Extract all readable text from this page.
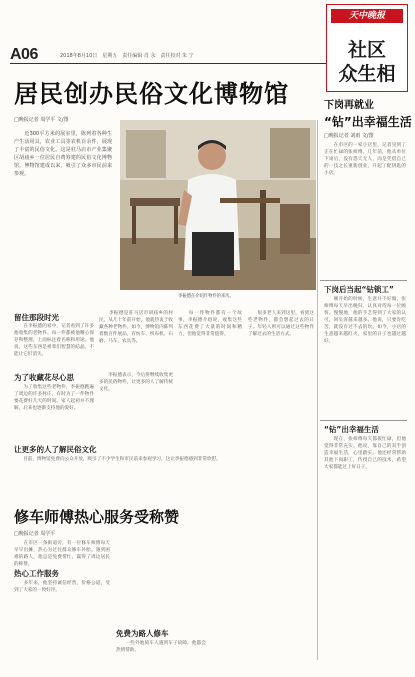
A06	2018年8月10日　星期五　责任编辑 肖 永　责任校对 朱 宁
天中晚报
社区
众生相
居民创办民俗文化博物馆
□晚报记者 周学平 文/图
　　近300平方米的展室里，陈列着各种生产生活用具，农业工具等农机百余件，展现了丰富的民俗文化。这是驻马店市产业集聚区胡庙乡一位居民自费筹建的民俗文化博物馆。博物馆建成以来，吸引了众多市民前来参观。
李振德在介绍什物件的来历。
留住那段时光
　　在李振德的家中，记者看到了许多他收集的老物件。每一件都被他精心保存和整理，上面标注着名称和用途。他说，这些东西是祖辈们智慧的结晶，不能让它们消失。
　　李振德是驻马店市胡庙乡的村民，从几十年前开始，他就热衷于收藏各种老物件。如今，博物馆内陈列着数百件展品，有纺车、织布机、石磨、马车、农具等。
　　每一件物件都有一个故事，李振德介绍说，收集这些东西花费了大量的时间和精力，但他觉得非常值得。
　　很多老人来到这里，看到这些老物件，都会想起过去的日子。年轻人则可以通过这些物件了解过去的生活方式。
为了收藏花尽心思
　　为了收集这些老物件，李振德跑遍了周边的许多村庄，有时为了一件物件要花费好几天的时间。家人起初并不理解，后来也逐渐支持他的爱好。
　　李振德表示，今后将继续收集更多的民俗物件，让更多的人了解传统文化。
让更多的人了解民俗文化
　　目前，博物馆免费向公众开放，吸引了不少学生和市民前来参观学习，这让李振德感到非常欣慰。
修车师傅热心服务受称赞
□晚报记者 周学平
　　在市区一条街道旁，有一位修车师傅每天早早出摊，热心为过往群众修车补胎。遇到困难的路人，他总是免费帮忙，赢得了周边居民的称赞。
热心工作服务
　　多年来，他坚持诚信经营，价格公道，受到了大家的一致好评。
免费为路人修车
　　一些外地骑车人遇到车子故障，他都会热情帮助。
下岗再就业
“钻”出幸福生活
□晚报记者 刘雨 文/图
　　在市区的一家小店里，记者见到了正在忙碌的张师傅。几年前，他从单位下岗后，没有怨天尤人，而是凭借自己的一技之长重新创业，开起了配钥匙的小店。
下岗后当起“钻锁工”
　　刚开始的时候，生意并不好做，张师傅每天早出晚归，认真对待每一位顾客。慢慢地，他的手艺得到了大家的认可，回头客越来越多。他说，只要肯吃苦，就没有过不去的坎。如今，小店的生意越来越红火，家里的日子也越过越好。
“钻”出幸福生活
　　现在，张师傅每天都很忙碌，但他觉得非常充实。他说，靠自己的双手创造幸福生活，心里踏实。他还经常帮助其他下岗职工，传授自己的技术，希望大家都能过上好日子。
